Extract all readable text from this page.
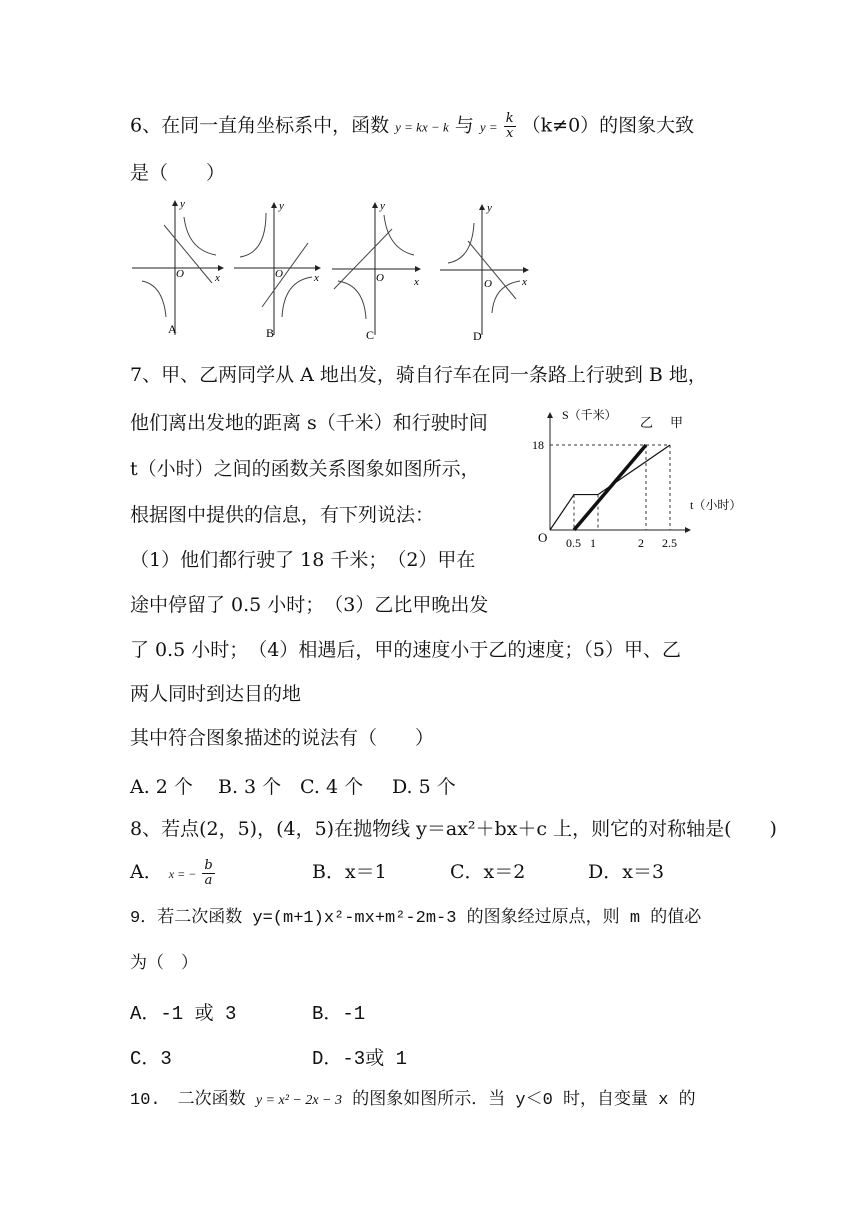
6、在同一直角坐标系中，函数 y = kx − k 与 $y = \frac{k}{x} (k\ne 0)$的图象大致
是（　　）
y
x
O
A
y
x
O
B
y
x
O
C
y
x
O
D
7、甲、乙两同学从 A 地出发，骑自行车在同一条路上行驶到 B 地，
他们离出发地的距离 s（千米）和行驶时间
t（小时）之间的函数关系图象如图所示，
根据图中提供的信息，有下列说法：
（1）他们都行驶了 18 千米；　（2）甲在
途中停留了 0.5 小时；　（3）乙比甲晚出发
了 0.5 小时；　（4）相遇后，甲的速度小于乙的速度；（5）甲、乙
两人同时到达目的地
其中符合图象描述的说法有（　　）
A. 2 个 B. 3 个 C. 4 个 D. 5 个
S（千米）
t（小时）
O
18
乙 甲
0.5 1	2 2.5
8、若点(2，5)，(4，5)在抛物线 y＝ax²＋bx＋c 上，则它的对称轴是(　　)
A． x = − $\frac{b}{a}$	B．x＝1	C．x＝2	D．x＝3
9．若二次函数 y=(m+1)x²-mx+m²-2m-3 的图象经过原点，则 m 的值必
为（　）
A．-1 或 3	B．-1
C．3	D．-3或 1
10.　二次函数 y = x² − 2x − 3 的图象如图所示．当 y＜0 时，自变量 x 的
